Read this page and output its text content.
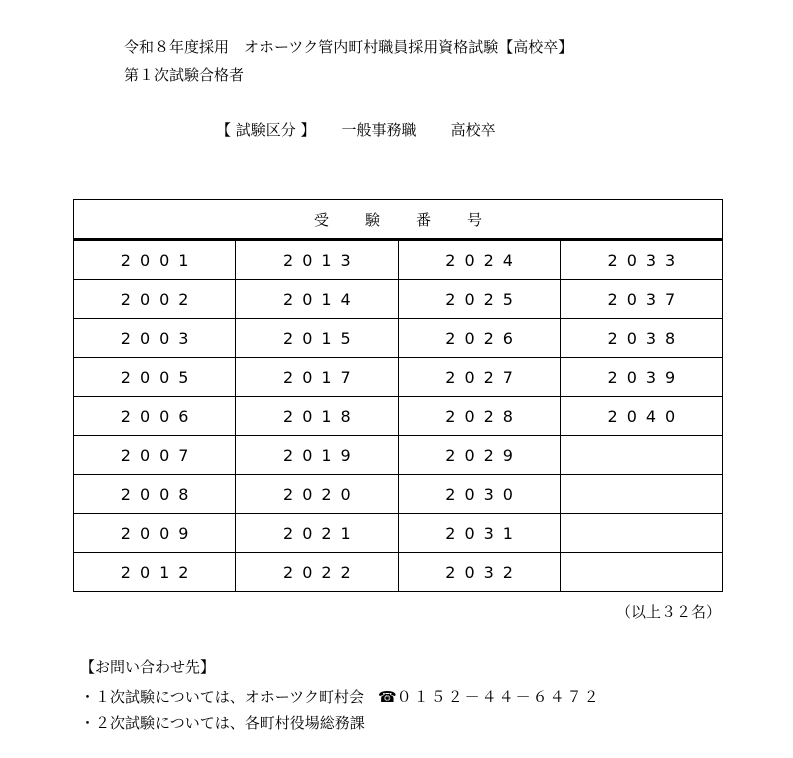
令和８年度採用　オホーツク管内町村職員採用資格試験【高校卒】
第１次試験合格者
【 試験区分 】 一般事務職 高校卒
受験番号			
2001	2013	2024	2033
2002	2014	2025	2037
2003	2015	2026	2038
2005	2017	2027	2039
2006	2018	2028	2040
2007	2019	2029	
2008	2020	2030	
2009	2021	2031	
2012	2022	2032	
（以上３２名）
【お問い合わせ先】
・１次試験については、オホーツク町村会 ☎０１５２－４４－６４７２
・２次試験については、各町村役場総務課
